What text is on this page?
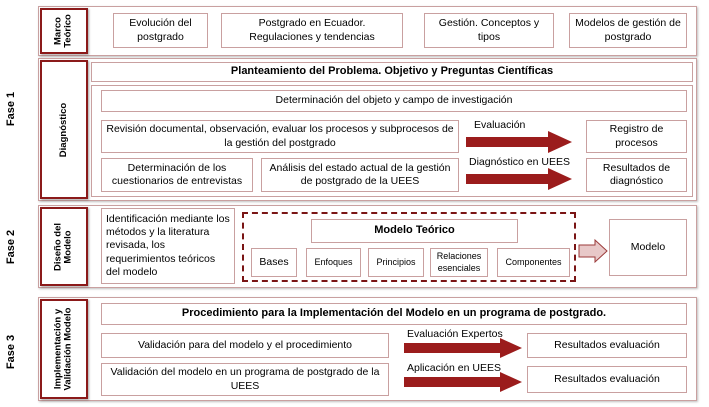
Fase 1
Fase 2
Fase 3
Marco
Teórico	Evolución del postgrado
Postgrado en Ecuador. Regulaciones y tendencias
Gestión. Conceptos y tipos
Modelos de gestión de postgrado
Diagnóstico
Planteamiento del Problema. Objetivo y Preguntas Científicas
Determinación del objeto y campo de investigación
Revisión documental, observación, evaluar los procesos y subprocesos de la gestión del postgrado
Determinación de los cuestionarios de entrevistas
Análisis del estado actual de la gestión de postgrado de la UEES
Evaluación
Diagnóstico en UEES
Registro de procesos
Resultados de diagnóstico
Diseño del
Modelo
Identificación mediante los métodos y la literatura revisada, los requerimientos teóricos del modelo
Modelo Teórico
Bases	Enfoques	Principios
Relaciones esenciales
Componentes
Modelo
Implementación y
Validación Modelo	Procedimiento para la Implementación del Modelo en un programa de postgrado.
Validación para del modelo y el procedimiento
Validación del modelo en un programa de postgrado de la UEES
Evaluación Expertos
Aplicación en UEES
Resultados evaluación
Resultados evaluación
